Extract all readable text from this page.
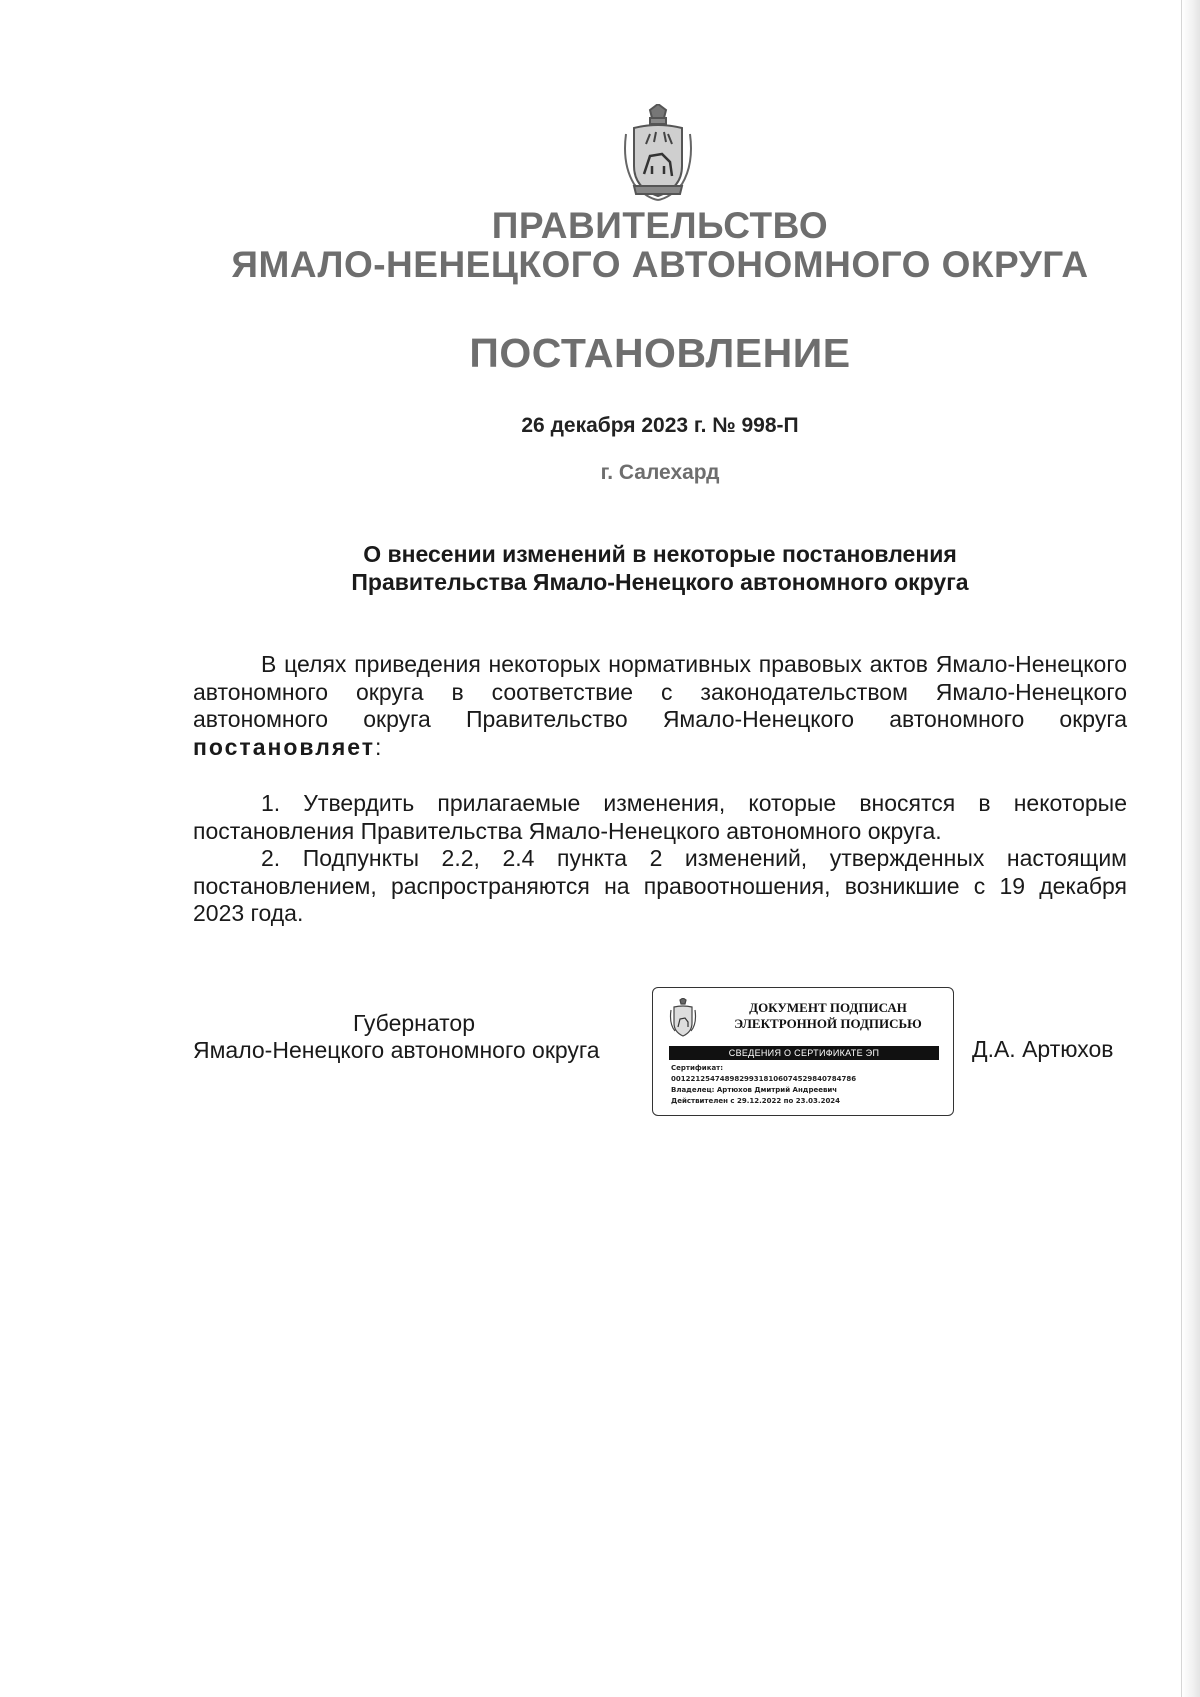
ПРАВИТЕЛЬСТВО
ЯМАЛО-НЕНЕЦКОГО АВТОНОМНОГО ОКРУГА
ПОСТАНОВЛЕНИЕ
26 декабря 2023 г. № 998-П
г. Салехард
О внесении изменений в некоторые постановления
Правительства Ямало-Ненецкого автономного округа
В целях приведения некоторых нормативных правовых актов Ямало-Ненецкого автономного округа в соответствие с законодательством Ямало-Ненецкого автономного округа Правительство Ямало-Ненецкого автономного округа постановляет:
1. Утвердить прилагаемые изменения, которые вносятся в некоторые постановления Правительства Ямало-Ненецкого автономного округа.
2. Подпункты 2.2, 2.4 пункта 2 изменений, утвержденных настоящим постановлением, распространяются на правоотношения, возникшие с 19 декабря 2023 года.
Губернатор
Ямало-Ненецкого автономного округа
ДОКУМЕНТ ПОДПИСАН
ЭЛЕКТРОННОЙ ПОДПИСЬЮ
СВЕДЕНИЯ О СЕРТИФИКАТЕ ЭП
Сертификат:
00122125474898299318106074529840784786
Владелец: Артюхов Дмитрий Андреевич
Действителен с 29.12.2022 по 23.03.2024
Д.А. Артюхов
